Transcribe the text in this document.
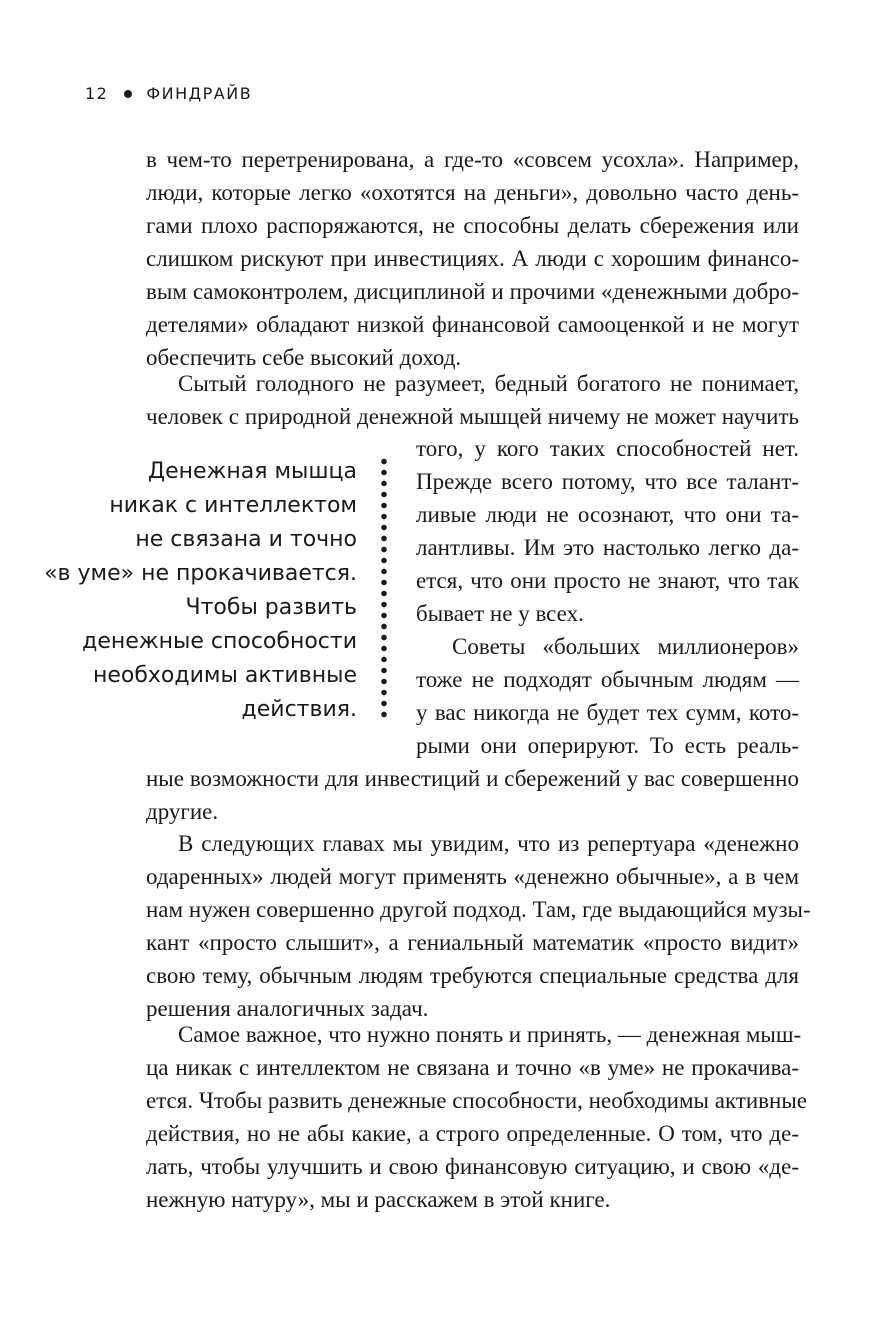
12 ФИНДРАЙВ
в чем-то перетренирована, а где-то «совсем усохла». Например,
люди, которые легко «охотятся на деньги», довольно часто день-
гами плохо распоряжаются, не способны делать сбережения или
слишком рискуют при инвестициях. А люди с хорошим финансо-
вым самоконтролем, дисциплиной и прочими «денежными добро-
детелями» обладают низкой финансовой самооценкой и не могут
обеспечить себе высокий доход.
Сытый голодного не разумеет, бедный богатого не понимает,
человек с природной денежной мышцей ничему не может научить
того, у кого таких способностей нет.
Прежде всего потому, что все талант-
ливые люди не осознают, что они та-
лантливы. Им это настолько легко да-
ется, что они просто не знают, что так
бывает не у всех.
Советы «больших миллионеров»
тоже не подходят обычным людям —
у вас никогда не будет тех сумм, кото-
рыми они оперируют. То есть реаль-
ные возможности для инвестиций и сбережений у вас совершенно
другие.
В следующих главах мы увидим, что из репертуара «денежно
одаренных» людей могут применять «денежно обычные», а в чем
нам нужен совершенно другой подход. Там, где выдающийся музы-
кант «просто слышит», а гениальный математик «просто видит»
свою тему, обычным людям требуются специальные средства для
решения аналогичных задач.
Самое важное, что нужно понять и принять, — денежная мыш-
ца никак с интеллектом не связана и точно «в уме» не прокачива-
ется. Чтобы развить денежные способности, необходимы активные
действия, но не абы какие, а строго определенные. О том, что де-
лать, чтобы улучшить и свою финансовую ситуацию, и свою «де-
нежную натуру», мы и расскажем в этой книге.
Денежная мышца
никак с интеллектом
не связана и точно
«в уме» не прокачивается.
Чтобы развить
денежные способности
необходимы активные
действия.
